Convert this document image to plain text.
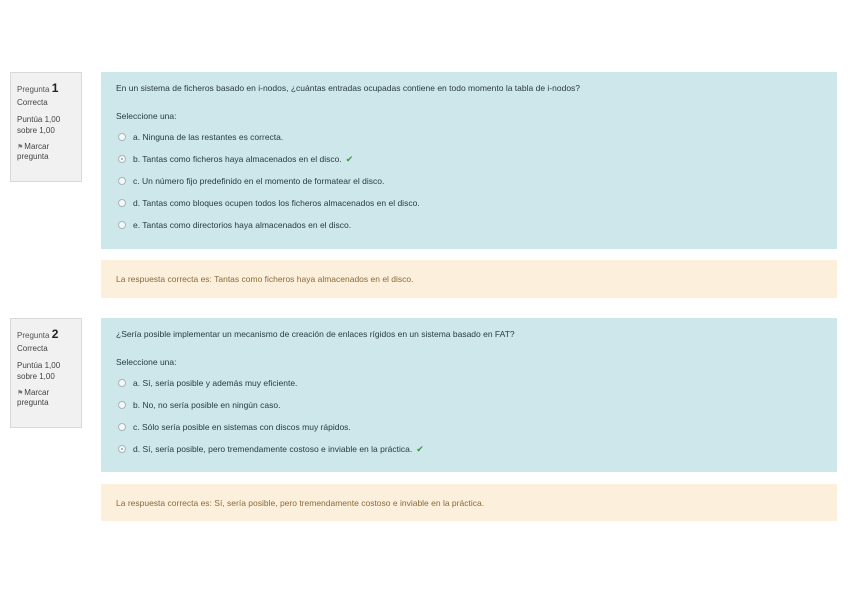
Pregunta 1
Correcta
Puntúa 1,00 sobre 1,00
⚑Marcar pregunta

En un sistema de ficheros basado en i-nodos, ¿cuántas entradas ocupadas contiene en todo momento la tabla de i-nodos?

Seleccione una:

a. Ninguna de las restantes es correcta.
b. Tantas como ficheros haya almacenados en el disco. ✔
c. Un número fijo predefinido en el momento de formatear el disco.
d. Tantas como bloques ocupen todos los ficheros almacenados en el disco.
e. Tantas como directorios haya almacenados en el disco.
La respuesta correcta es: Tantas como ficheros haya almacenados en el disco.
Pregunta 2
Correcta
Puntúa 1,00 sobre 1,00
⚑Marcar pregunta

¿Sería posible implementar un mecanismo de creación de enlaces rígidos en un sistema basado en FAT?

Seleccione una:

a. Sí, sería posible y además muy eficiente.
b. No, no sería posible en ningún caso.
c. Sólo sería posible en sistemas con discos muy rápidos.
d. Sí, sería posible, pero tremendamente costoso e inviable en la práctica. ✔
La respuesta correcta es: Sí, sería posible, pero tremendamente costoso e inviable en la práctica.
